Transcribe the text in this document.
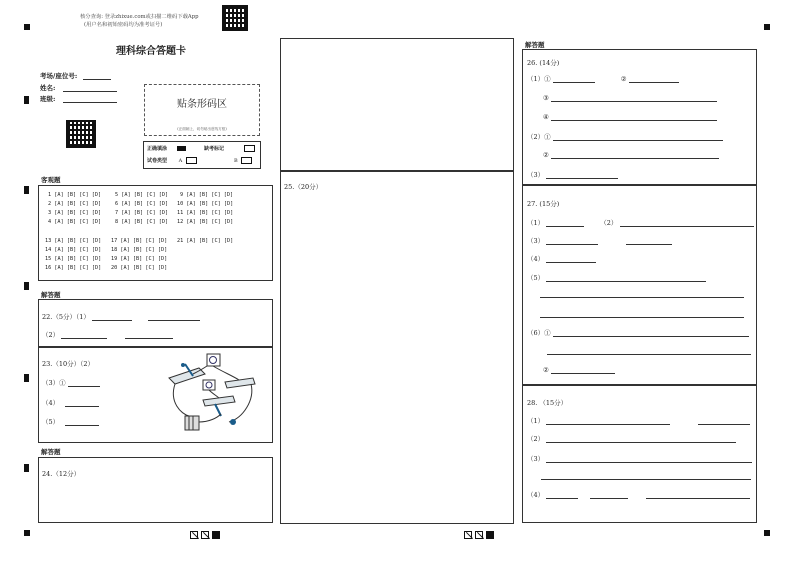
核分查询: 登录zhixue.com或扫描二维码下载App
(用户名和初始密码均为准考证号)
理科综合答题卡
考场/座位号:
姓名:
班级:	贴条形码区
(正面朝上，切勿贴出虚线方框)
正确填涂	缺考标记
试卷类型 A	B
客观题
1 [A] [B] [C] [D]
2 [A] [B] [C] [D]
3 [A] [B] [C] [D]
4 [A] [B] [C] [D]
5 [A] [B] [C] [D]
6 [A] [B] [C] [D]
7 [A] [B] [C] [D]
8 [A] [B] [C] [D]
9 [A] [B] [C] [D]
10 [A] [B] [C] [D]
11 [A] [B] [C] [D]
12 [A] [B] [C] [D]
13 [A] [B] [C] [D]
14 [A] [B] [C] [D]
15 [A] [B] [C] [D]
16 [A] [B] [C] [D]
17 [A] [B] [C] [D]
18 [A] [B] [C] [D]
19 [A] [B] [C] [D]
20 [A] [B] [C] [D]
21 [A] [B] [C] [D]
解答题
22.（5分）（1）
（2）
23.（10分）（2）
（3）①
（4）
（5）
解答题
24.（12分）
25.（20分）
解答题
26. (14分)
（1）①	②
③
④
（2）①
②
（3）
27. (15分)
（1）	（2）
（3）
（4）
（5）
（6）①
②
28. （15分）
（1）
（2）
（3）
（4）
